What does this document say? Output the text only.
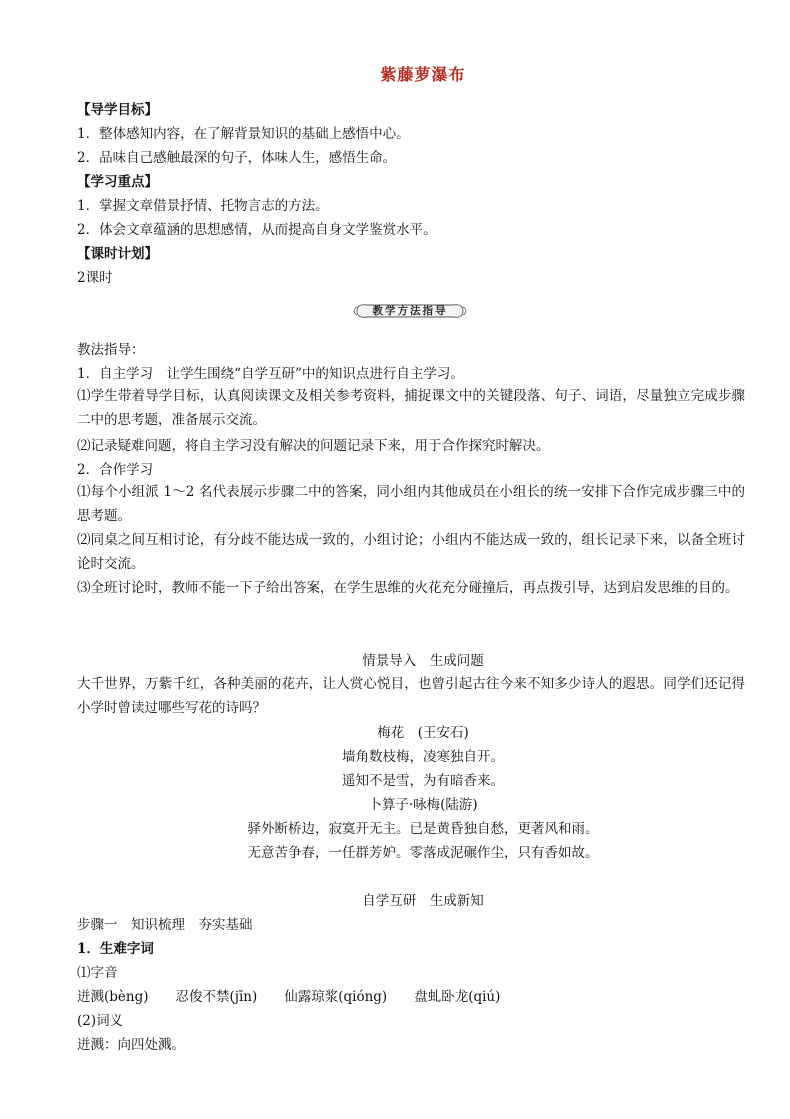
紫藤萝瀑布
【导学目标】
1．整体感知内容，在了解背景知识的基础上感悟中心。
2．品味自己感触最深的句子，体味人生，感悟生命。
【学习重点】
1．掌握文章借景抒情、托物言志的方法。
2．体会文章蕴涵的思想感情，从而提高自身文学鉴赏水平。
【课时计划】
2课时
教学方法指导
教法指导：
1．自主学习　让学生围绕“自学互研”中的知识点进行自主学习。
⑴学生带着导学目标，认真阅读课文及相关参考资料，捕捉课文中的关键段落、句子、词语，尽量独立完成步骤二中的思考题，准备展示交流。
⑵记录疑难问题，将自主学习没有解决的问题记录下来，用于合作探究时解决。
2．合作学习
⑴每个小组派 1～2 名代表展示步骤二中的答案，同小组内其他成员在小组长的统一安排下合作完成步骤三中的思考题。
⑵同桌之间互相讨论，有分歧不能达成一致的，小组讨论；小组内不能达成一致的，组长记录下来，以备全班讨论时交流。
⑶全班讨论时，教师不能一下子给出答案，在学生思维的火花充分碰撞后，再点拨引导，达到启发思维的目的。
情景导入　生成问题
大千世界，万紫千红，各种美丽的花卉，让人赏心悦目，也曾引起古往今来不知多少诗人的遐思。同学们还记得小学时曾读过哪些写花的诗吗？
梅花　(王安石)
墙角数枝梅，凌寒独自开。
遥知不是雪，为有暗香来。
卜算子·咏梅(陆游)
驿外断桥边，寂寞开无主。已是黄昏独自愁，更著风和雨。
无意苦争春，一任群芳妒。零落成泥碾作尘，只有香如故。
自学互研　生成新知
步骤一　知识梳理　夯实基础
1．生难字词
⑴字音
迸溅(bèng)　　忍俊不禁(jīn)　　仙露琼浆(qióng)　　盘虬卧龙(qiú)
(2)词义
迸溅：向四处溅。
